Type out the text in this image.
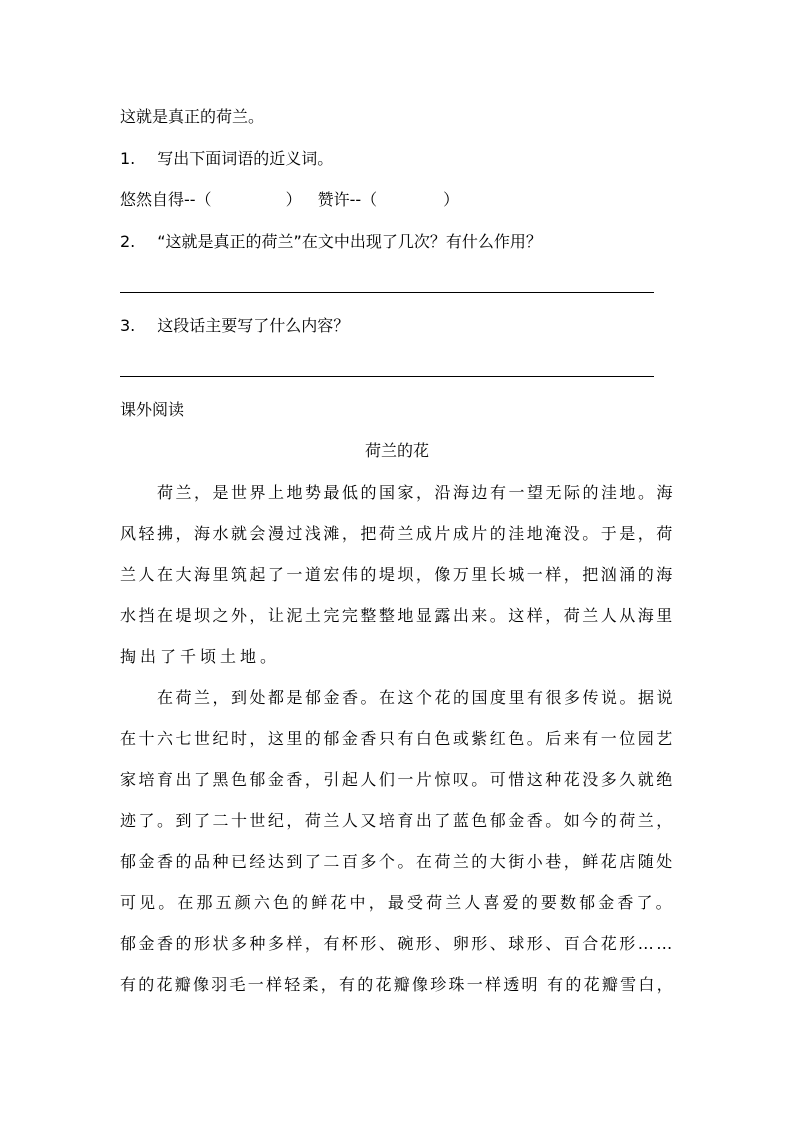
这就是真正的荷兰。
1. 写出下面词语的近义词。
悠然自得--（	） 赞许--（	）
2. “这就是真正的荷兰”在文中出现了几次？有什么作用？
3. 这段话主要写了什么内容？
课外阅读
荷兰的花
荷兰，是世界上地势最低的国家，沿海边有一望无际的洼地。海
风轻拂，海水就会漫过浅滩，把荷兰成片成片的洼地淹没。于是，荷
兰人在大海里筑起了一道宏伟的堤坝，像万里长城一样，把汹涌的海
水挡在堤坝之外，让泥土完完整整地显露出来。这样，荷兰人从海里
掏出了千顷土地。
在荷兰，到处都是郁金香。在这个花的国度里有很多传说。据说
在十六七世纪时，这里的郁金香只有白色或紫红色。后来有一位园艺
家培育出了黑色郁金香，引起人们一片惊叹。可惜这种花没多久就绝
迹了。到了二十世纪，荷兰人又培育出了蓝色郁金香。如今的荷兰，
郁金香的品种已经达到了二百多个。在荷兰的大街小巷，鲜花店随处
可见。在那五颜六色的鲜花中，最受荷兰人喜爱的要数郁金香了。
郁金香的形状多种多样，有杯形、碗形、卵形、球形、百合花形……
有的花瓣像羽毛一样轻柔，有的花瓣像珍珠一样透明 有的花瓣雪白，
